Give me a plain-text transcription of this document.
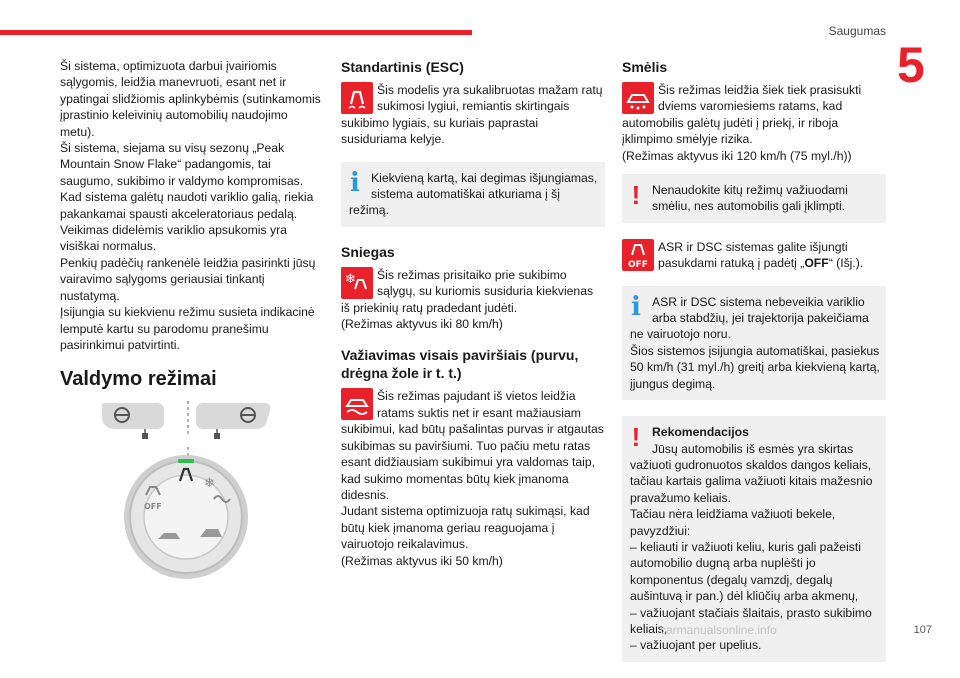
Saugumas
5

Ši sistema, optimizuota darbui įvairiomis sąlygomis, leidžia manevruoti, esant net ir ypatingai slidžiomis aplinkybėmis (sutinkamomis įprastinio keleivinių automobilių naudojimo metu).

Ši sistema, siejama su visų sezonų „Peak Mountain Snow Flake“ padangomis, tai saugumo, sukibimo ir valdymo kompromisas.

Kad sistema galėtų naudoti variklio galią, riekia pakankamai spausti akceleratoriaus pedalą.

Veikimas didelėmis variklio apsukomis yra visiškai normalus.

Penkių padėčių rankenėlė leidžia pasirinkti jūsų vairavimo sąlygoms geriausiai tinkantį nustatymą.

Įsijungia su kiekvienu režimu susieta indikacinė lemputė kartu su parodomu pranešimu pasirinkimui patvirtinti.

Valdymo režimai
❄
OFF
Standartinis (ESC)

Šis modelis yra sukalibruotas mažam ratų sukimosi lygiui, remiantis skirtingais sukibimo lygiais, su kuriais paprastai susiduriama kelyje.

i Kiekvieną kartą, kai degimas išjungiamas, sistema automatiškai atkuriama į šį režimą.

Sniegas
❄	Šis režimas prisitaiko prie sukibimo sąlygų, su kuriomis susiduria kiekvienas iš priekinių ratų pradedant judėti.

(Režimas aktyvus iki 80 km/h)

Važiavimas visais paviršiais (purvu, drėgna žole ir t. t.)

Šis režimas pajudant iš vietos leidžia ratams suktis net ir esant mažiausiam sukibimui, kad būtų pašalintas purvas ir atgautas sukibimas su paviršiumi. Tuo pačiu metu ratas esant didžiausiam sukibimui yra valdomas taip, kad sukimo momentas būtų kiek įmanoma didesnis.

Judant sistema optimizuoja ratų sukimąsi, kad būtų kiek įmanoma geriau reaguojama į vairuotojo reikalavimus.

(Režimas aktyvus iki 50 km/h)

Smėlis

Šis režimas leidžia šiek tiek prasisukti dviems varomiesiems ratams, kad automobilis galėtų judėti į priekį, ir riboja įklimpimo smėlyje rizika.

(Režimas aktyvus iki 120 km/h (75 myl./h))

! Nenaudokite kitų režimų važiuodami smėliu, nes automobilis gali įklimpti.

OFF

ASR ir DSC sistemas galite išjungti pasukdami ratuką į padėtį „OFF“ (Išj.).

i ASR ir DSC sistema nebeveikia variklio arba stabdžių, jei trajektorija pakeičiama ne vairuotojo noru.

Šios sistemos įsijungia automatiškai, pasiekus 50 km/h (31 myl./h) greitį arba kiekvieną kartą, įjungus degimą.

! Rekomendacijos

Jūsų automobilis iš esmės yra skirtas važiuoti gudronuotos skaldos dangos keliais, tačiau kartais galima važiuoti kitais mažesnio pravažumo keliais.

Tačiau nėra leidžiama važiuoti bekele, pavyzdžiui:

– keliauti ir važiuoti keliu, kuris gali pažeisti automobilio dugną arba nuplėšti jo komponentus (degalų vamzdį, degalų aušintuvą ir pan.) dėl kliūčių arba akmenų,

– važiuojant stačiais šlaitais, prasto sukibimo keliais,

– važiuojant per upelius.

carmanualsonline.info	107
